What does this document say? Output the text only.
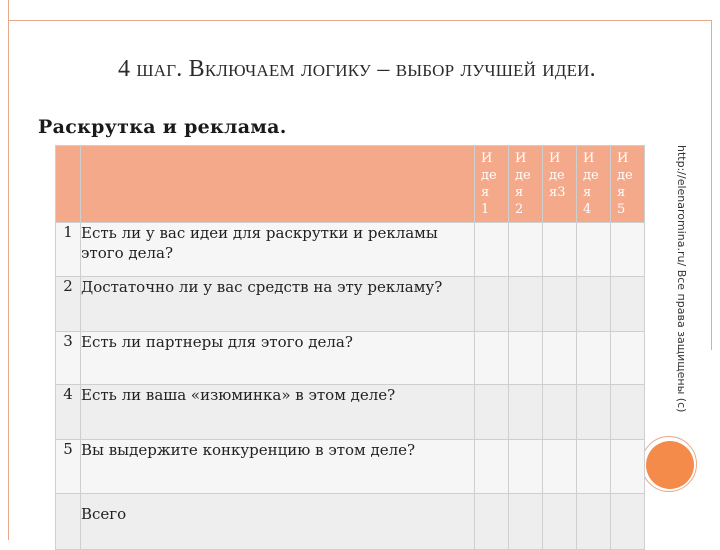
4 шаг. Включаем логику – выбор лучшей идеи.
Раскрутка и реклама.
http://elenaromina.ru/ Все права защищены (с)
		И
де
я
1	И
де
я
2	И
де
я3	И
де
я
4	И
де
я
5
1	Есть ли у вас идеи для раскрутки и рекламы этого дела?					
2	Достаточно ли у вас средств на эту рекламу?					
3	Есть ли партнеры для этого дела?					
4	Есть ли ваша «изюминка» в этом деле?					
5	Вы выдержите конкуренцию в этом деле?					
	Всего					
